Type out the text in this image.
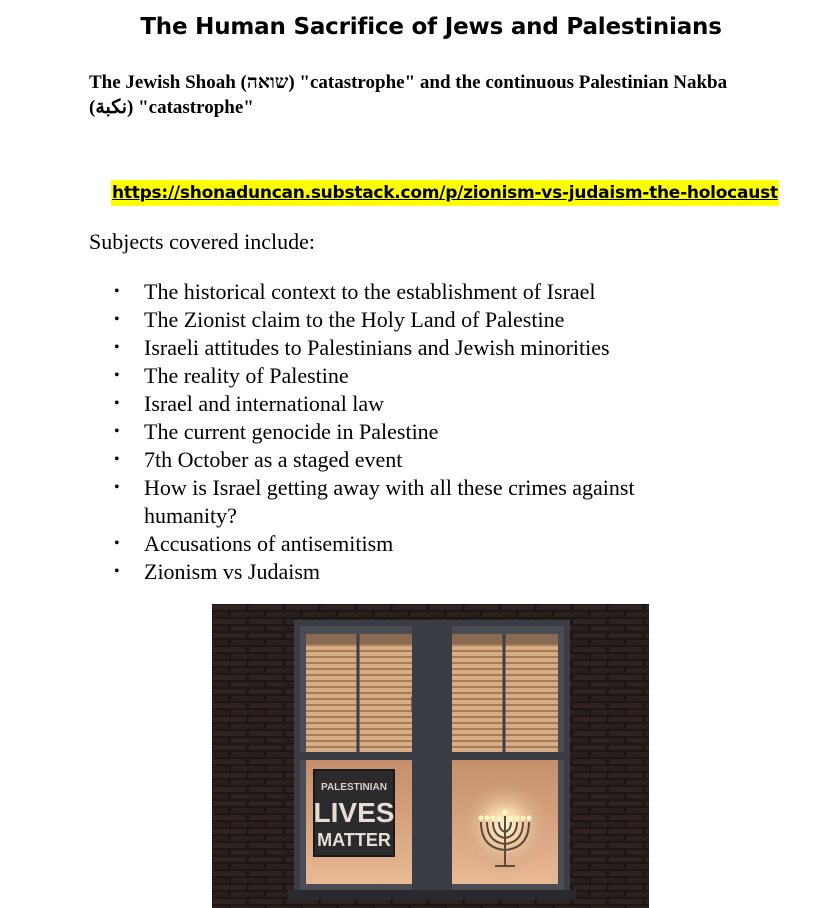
The Human Sacrifice of Jews and Palestinians
The Jewish Shoah (שואה) "catastrophe" and the continuous Palestinian Nakba (نكبة) "catastrophe"
https://shonaduncan.substack.com/p/zionism-vs-judaism-the-holocaust
Subjects covered include:
• The historical context to the establishment of Israel
• The Zionist claim to the Holy Land of Palestine
• Israeli attitudes to Palestinians and Jewish minorities
• The reality of Palestine
• Israel and international law
• The current genocide in Palestine
• 7th October as a staged event
• How is Israel getting away with all these crimes against humanity?
• Accusations of antisemitism
• Zionism vs Judaism
PALESTINIAN
LIVES
MATTER
